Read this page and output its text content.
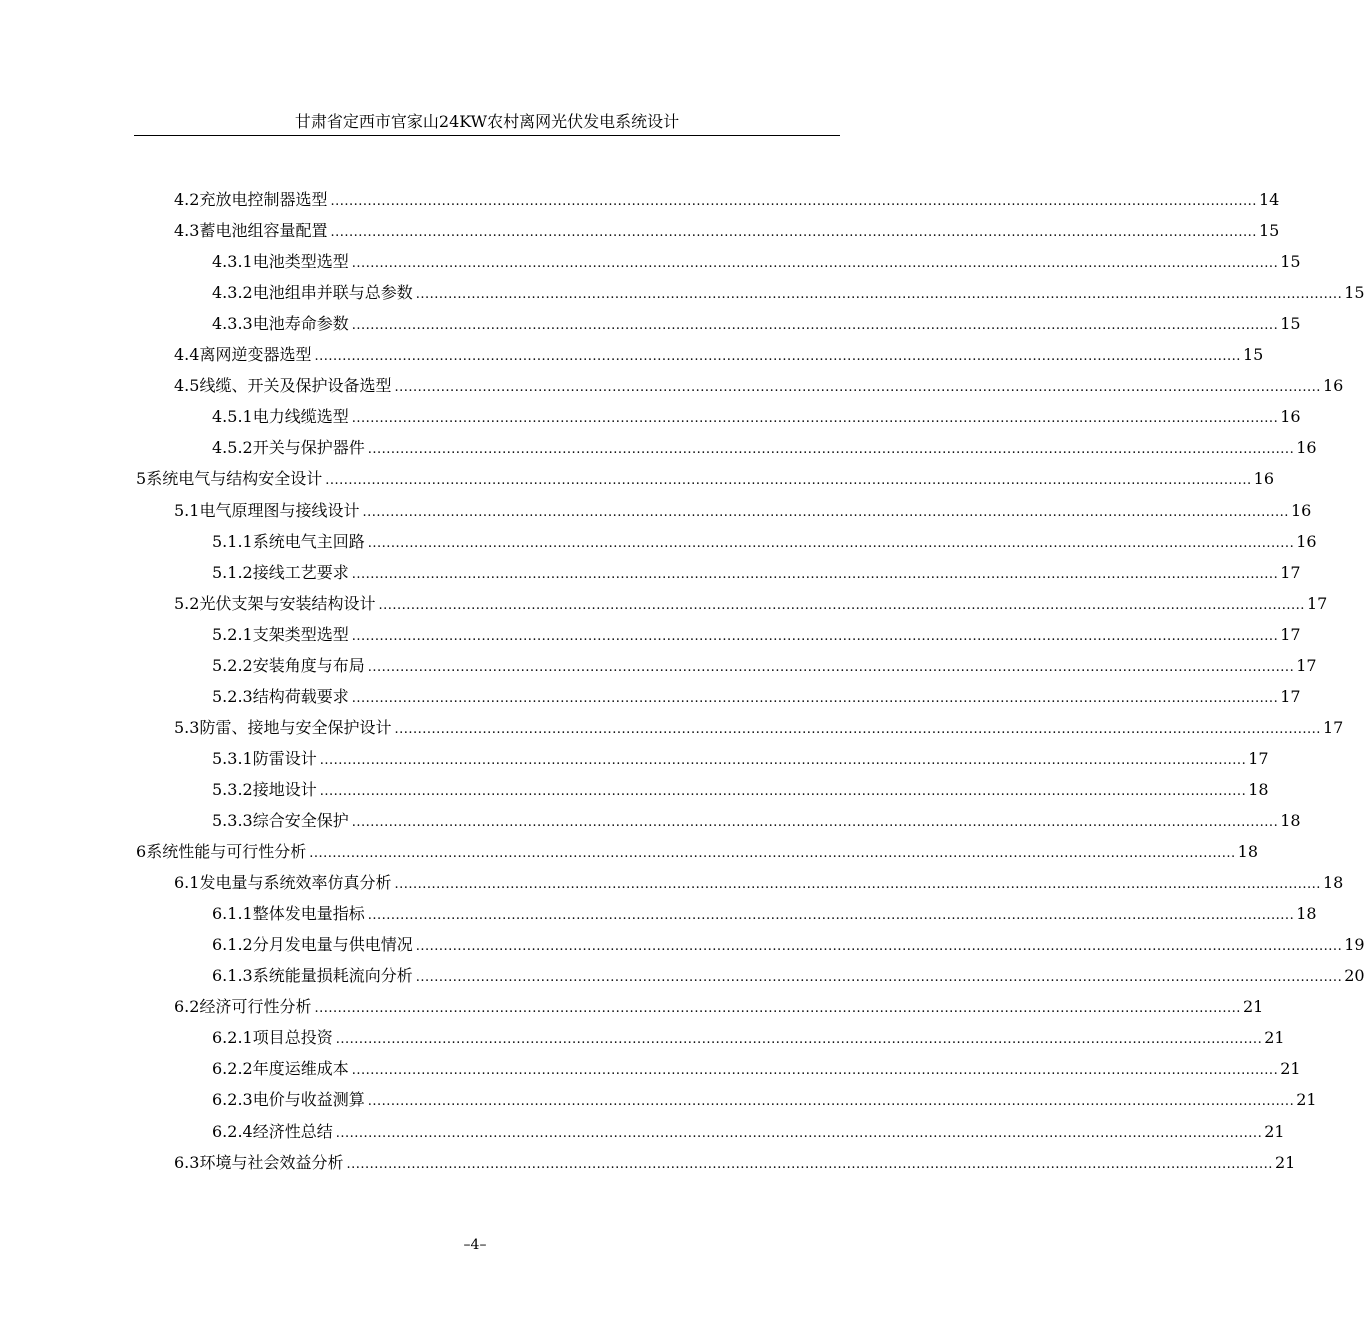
甘肃省定西市官家山24KW农村离网光伏发电系统设计
4.2 充放电控制器选型 ........................................................................................................................................................................................................ 14
4.3 蓄电池组容量配置 ........................................................................................................................................................................................................ 15
4.3.1 电池类型选型 ........................................................................................................................................................................................................ 15
4.3.2 电池组串并联与总参数 ........................................................................................................................................................................................................ 15
4.3.3 电池寿命参数 ........................................................................................................................................................................................................ 15
4.4 离网逆变器选型 ........................................................................................................................................................................................................ 15
4.5 线缆、开关及保护设备选型 ........................................................................................................................................................................................................ 16
4.5.1 电力线缆选型 ........................................................................................................................................................................................................ 16
4.5.2 开关与保护器件 ........................................................................................................................................................................................................ 16
5 系统电气与结构安全设计 ........................................................................................................................................................................................................ 16
5.1 电气原理图与接线设计 ........................................................................................................................................................................................................ 16
5.1.1 系统电气主回路 ........................................................................................................................................................................................................ 16
5.1.2 接线工艺要求 ........................................................................................................................................................................................................ 17
5.2 光伏支架与安装结构设计 ........................................................................................................................................................................................................ 17
5.2.1 支架类型选型 ........................................................................................................................................................................................................ 17
5.2.2 安装角度与布局 ........................................................................................................................................................................................................ 17
5.2.3 结构荷载要求 ........................................................................................................................................................................................................ 17
5.3 防雷、接地与安全保护设计 ........................................................................................................................................................................................................ 17
5.3.1 防雷设计 ........................................................................................................................................................................................................ 17
5.3.2 接地设计 ........................................................................................................................................................................................................ 18
5.3.3 综合安全保护 ........................................................................................................................................................................................................ 18
6 系统性能与可行性分析 ........................................................................................................................................................................................................ 18
6.1 发电量与系统效率仿真分析 ........................................................................................................................................................................................................ 18
6.1.1 整体发电量指标 ........................................................................................................................................................................................................ 18
6.1.2 分月发电量与供电情况 ........................................................................................................................................................................................................ 19
6.1.3 系统能量损耗流向分析 ........................................................................................................................................................................................................ 20
6.2 经济可行性分析 ........................................................................................................................................................................................................ 21
6.2.1 项目总投资 ........................................................................................................................................................................................................ 21
6.2.2 年度运维成本 ........................................................................................................................................................................................................ 21
6.2.3 电价与收益测算 ........................................................................................................................................................................................................ 21
6.2.4 经济性总结 ........................................................................................................................................................................................................ 21
6.3 环境与社会效益分析 ........................................................................................................................................................................................................ 21
–4–
